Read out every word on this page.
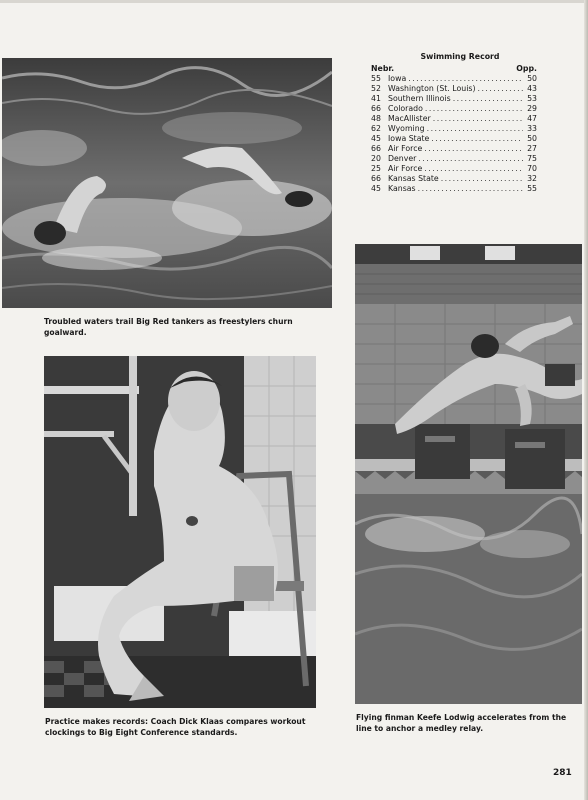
Troubled waters trail Big Red tankers as freestylers churn goalward.
Swimming Record
Nebr.	Opp.
55 Iowa . . .	50
52 Washington (St. Louis) . . .	43
41 Southern Illinois . . .	53
66 Colorado . . .	29
48 MacAllister . . .	47
62 Wyoming . . .	33
45 Iowa State . . .	50
66 Air Force . . .	27
20 Denver . . .	75
25 Air Force . . .	70
66 Kansas State . . .	32
45 Kansas . . .	55
Practice makes records: Coach Dick Klaas compares workout clockings to Big Eight Conference standards.
Flying finman Keefe Lodwig accelerates from the line to anchor a medley relay.
281
